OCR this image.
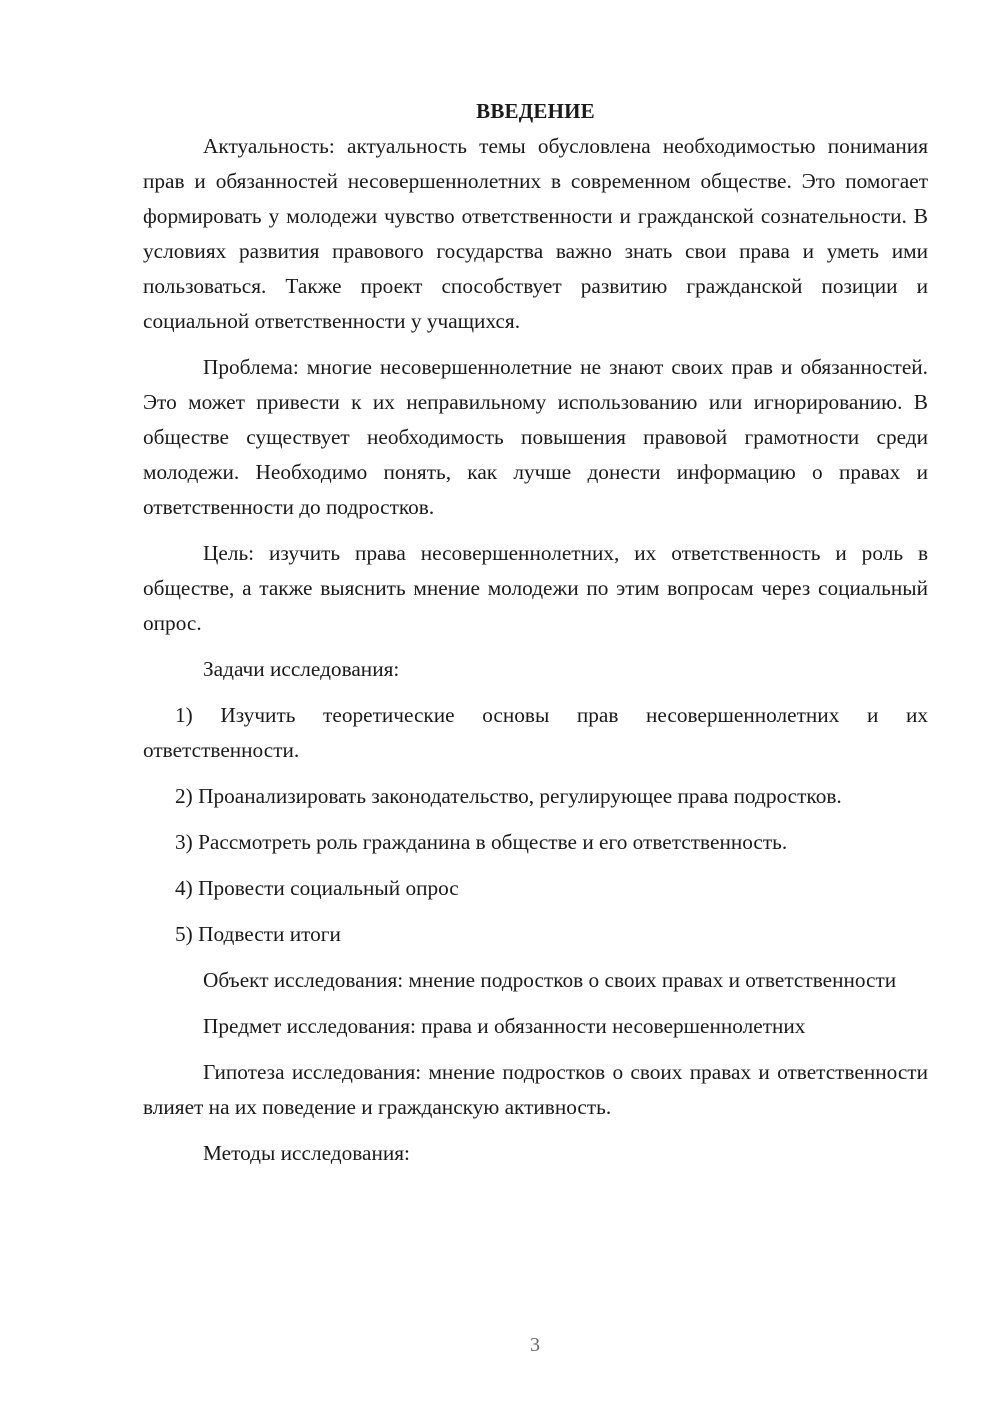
ВВЕДЕНИЕ

Актуальность: актуальность темы обусловлена необходимостью понимания прав и обязанностей несовершеннолетних в современном обществе. Это помогает формировать у молодежи чувство ответственности и гражданской сознательности. В условиях развития правового государства важно знать свои права и уметь ими пользоваться. Также проект способствует развитию гражданской позиции и социальной ответственности у учащихся.

Проблема: многие несовершеннолетние не знают своих прав и обязанностей. Это может привести к их неправильному использованию или игнорированию. В обществе существует необходимость повышения правовой грамотности среди молодежи. Необходимо понять, как лучше донести информацию о правах и ответственности до подростков.

Цель: изучить права несовершеннолетних, их ответственность и роль в обществе, а также выяснить мнение молодежи по этим вопросам через социальный опрос.

Задачи исследования:

1) Изучить теоретические основы прав несовершеннолетних и их ответственности.

2) Проанализировать законодательство, регулирующее права подростков.

3) Рассмотреть роль гражданина в обществе и его ответственность.

4) Провести социальный опрос

5) Подвести итоги

Объект исследования: мнение подростков о своих правах и ответственности

Предмет исследования: права и обязанности несовершеннолетних

Гипотеза исследования: мнение подростков о своих правах и ответственности влияет на их поведение и гражданскую активность.

Методы исследования:

3
